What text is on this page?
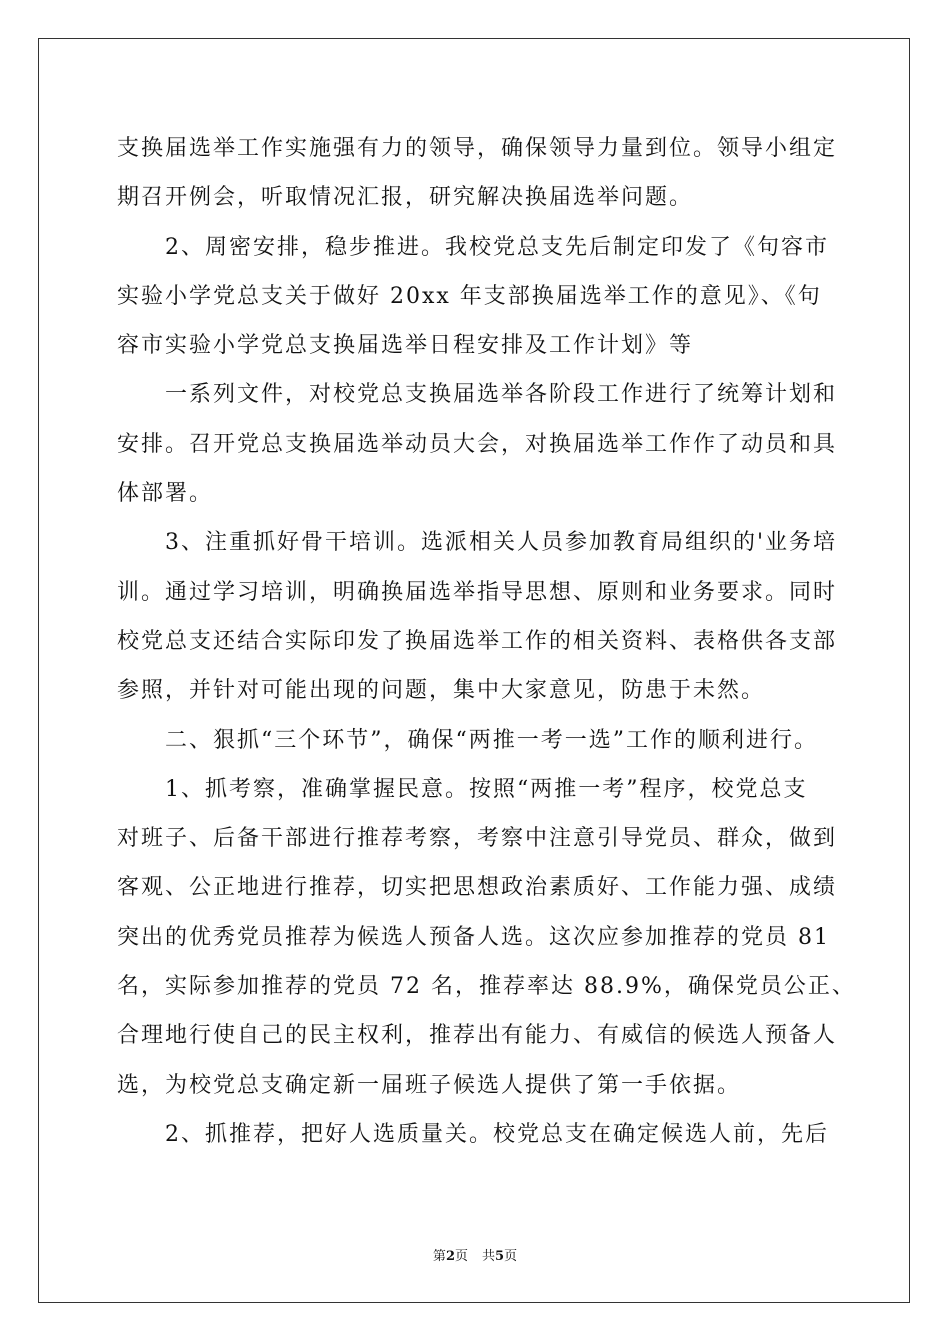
支换届选举工作实施强有力的领导，确保领导力量到位。领导小组定
期召开例会，听取情况汇报，研究解决换届选举问题。
2、周密安排，稳步推进。我校党总支先后制定印发了《句容市
实验小学党总支关于做好 20xx 年支部换届选举工作的意见》、《句
容市实验小学党总支换届选举日程安排及工作计划》等
一系列文件，对校党总支换届选举各阶段工作进行了统筹计划和
安排。召开党总支换届选举动员大会，对换届选举工作作了动员和具
体部署。
3、注重抓好骨干培训。选派相关人员参加教育局组织的'业务培
训。通过学习培训，明确换届选举指导思想、原则和业务要求。同时
校党总支还结合实际印发了换届选举工作的相关资料、表格供各支部
参照，并针对可能出现的问题，集中大家意见，防患于未然。
二、狠抓“三个环节”，确保“两推一考一选”工作的顺利进行。
1、抓考察，准确掌握民意。按照“两推一考”程序，校党总支
对班子、后备干部进行推荐考察，考察中注意引导党员、群众，做到
客观、公正地进行推荐，切实把思想政治素质好、工作能力强、成绩
突出的优秀党员推荐为候选人预备人选。这次应参加推荐的党员 81
名，实际参加推荐的党员 72 名，推荐率达 88.9%，确保党员公正、
合理地行使自己的民主权利，推荐出有能力、有威信的候选人预备人
选，为校党总支确定新一届班子候选人提供了第一手依据。
2、抓推荐，把好人选质量关。校党总支在确定候选人前，先后
第2页 共5页
